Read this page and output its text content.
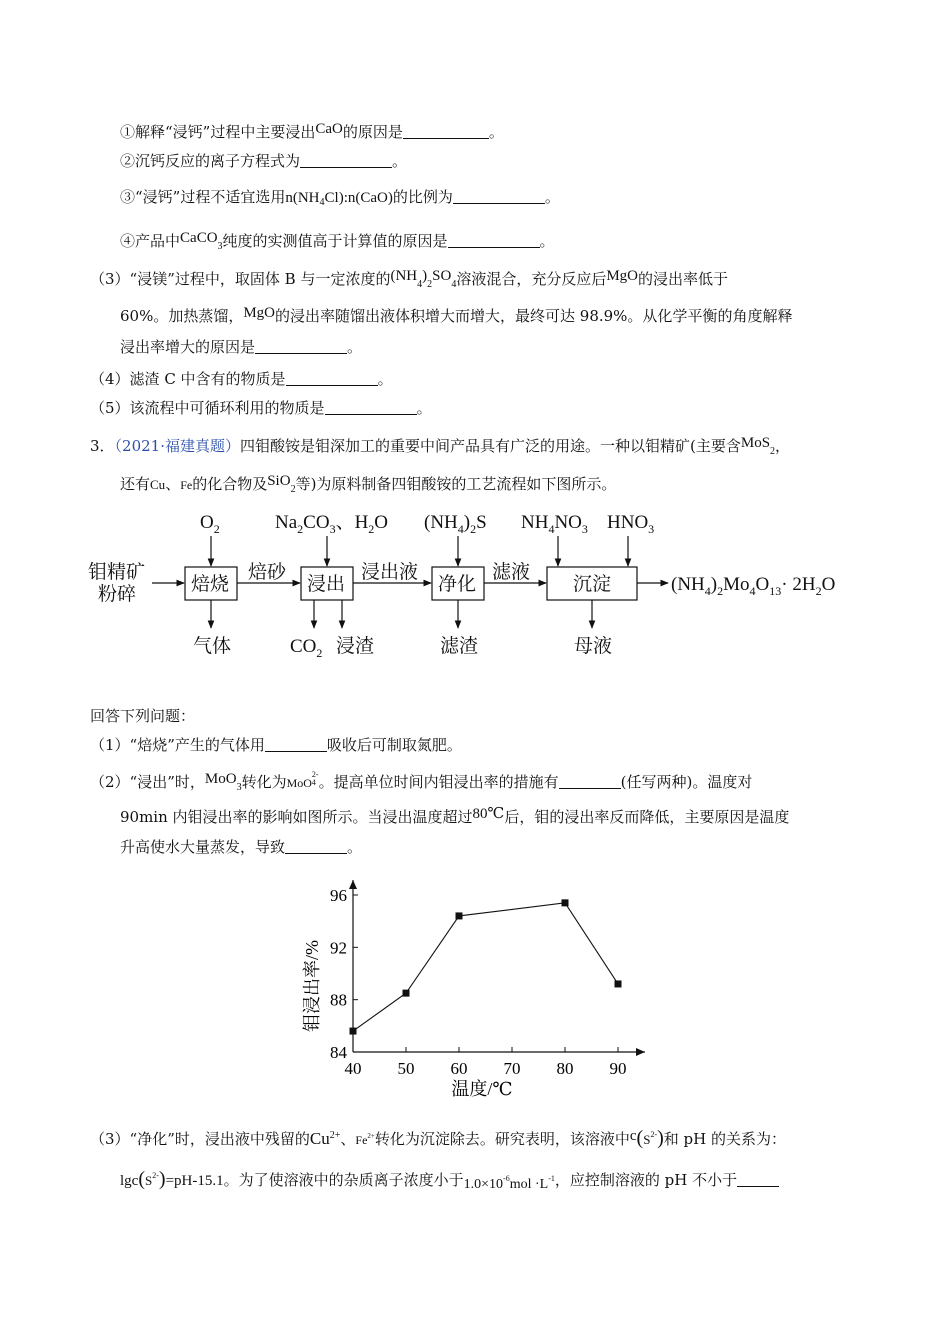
①解释“浸钙”过程中主要浸出CaO的原因是	。
②沉钙反应的离子方程式为	。
③“浸钙”过程不适宜选用$n(NH_4Cl):n(CaO)$的比例为	。
④产品中CaCO$_3$纯度的实测值高于计算值的原因是	。
（3）“浸镁”过程中，取固体 B 与一定浓度的$(NH_4)_2SO_4$溶液混合，充分反应后MgO的浸出率低于
60%。加热蒸馏，MgO的浸出率随馏出液体积增大而增大，最终可达 98.9%。从化学平衡的角度解释
浸出率增大的原因是	。
（4）滤渣 C 中含有的物质是	。
（5）该流程中可循环利用的物质是	。
3．（2021·福建真题）四钼酸铵是钼深加工的重要中间产品具有广泛的用途。一种以钼精矿(主要含MoS$_2$，
还有Cu、Fe的化合物及SiO$_2$等)为原料制备四钼酸铵的工艺流程如下图所示。
钼精矿
粉碎	焙烧	浸出	净化	沉淀
焙砂	浸出液	滤液
$O_2$	$Na_2CO_3$、$H_2O$ $(NH_4)_2S$ $NH_4NO_3$ $HNO_3$
气体	$CO_2$ 浸渣	滤渣	母液
$(NH_4)_2Mo_4O_{13}\cdot 2H_2O$
回答下列问题：
（1）“焙烧”产生的气体用	吸收后可制取氮肥。
（2）“浸出”时，MoO$_3$转化为MoO
2-
4 。提高单位时间内钼浸出率的措施有	(任写两种)。温度对
90min 内钼浸出率的影响如图所示。当浸出温度超过80℃后，钼的浸出率反而降低，主要原因是温度
升高使水大量蒸发，导致	。
40 50 60 70 80 90
84
88
92
96
温度/℃
钼浸出率/%
（3）“净化”时，浸出液中残留的$Cu^{2+}$、$Fe^{2+}$转化为沉淀除去。研究表明，该溶液中$c(S^{2-})$和 pH 的关系为：
$\lg c(S^{2-})=pH-15.1$。为了使溶液中的杂质离子浓度小于$1.0\times 10^{-6}mol \cdot L^{-1}$，应控制溶液的 pH 不小于
